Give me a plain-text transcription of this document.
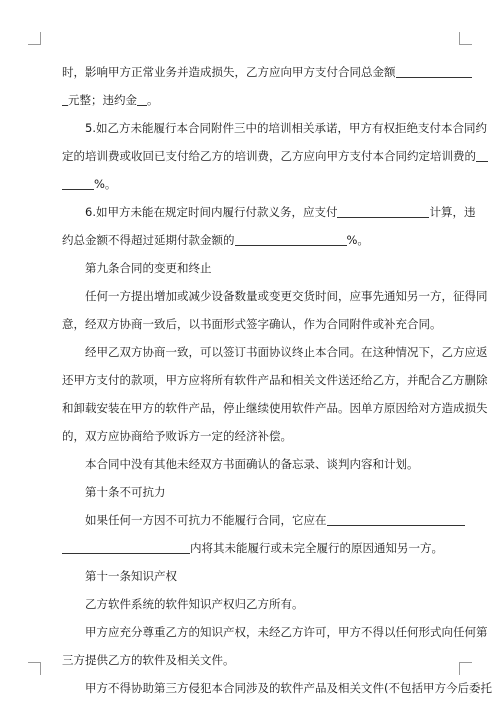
时，影响甲方正常业务并造成损失，乙方应向甲方支付合同总金额
元整；违约金 。
5.如乙方未能履行本合同附件三中的培训相关承诺，甲方有权拒绝支付本合同约
定的培训费或收回已支付给乙方的培训费，乙方应向甲方支付本合同约定培训费的
%。
6.如甲方未能在规定时间内履行付款义务，应支付	计算，违
约总金额不得超过延期付款金额的	%。
第九条合同的变更和终止
任何一方提出增加或减少设备数量或变更交货时间，应事先通知另一方，征得同
意，经双方协商一致后，以书面形式签字确认，作为合同附件或补充合同。
经甲乙双方协商一致，可以签订书面协议终止本合同。在这种情况下，乙方应返
还甲方支付的款项，甲方应将所有软件产品和相关文件送还给乙方，并配合乙方删除
和卸载安装在甲方的软件产品，停止继续使用软件产品。因单方原因给对方造成损失
的，双方应协商给予败诉方一定的经济补偿。
本合同中没有其他未经双方书面确认的备忘录、谈判内容和计划。
第十条不可抗力
如果任何一方因不可抗力不能履行合同，它应在
内将其未能履行或未完全履行的原因通知另一方。
第十一条知识产权
乙方软件系统的软件知识产权归乙方所有。
甲方应充分尊重乙方的知识产权，未经乙方许可，甲方不得以任何形式向任何第
三方提供乙方的软件及相关文件。
甲方不得协助第三方侵犯本合同涉及的软件产品及相关文件(不包括甲方今后委托
